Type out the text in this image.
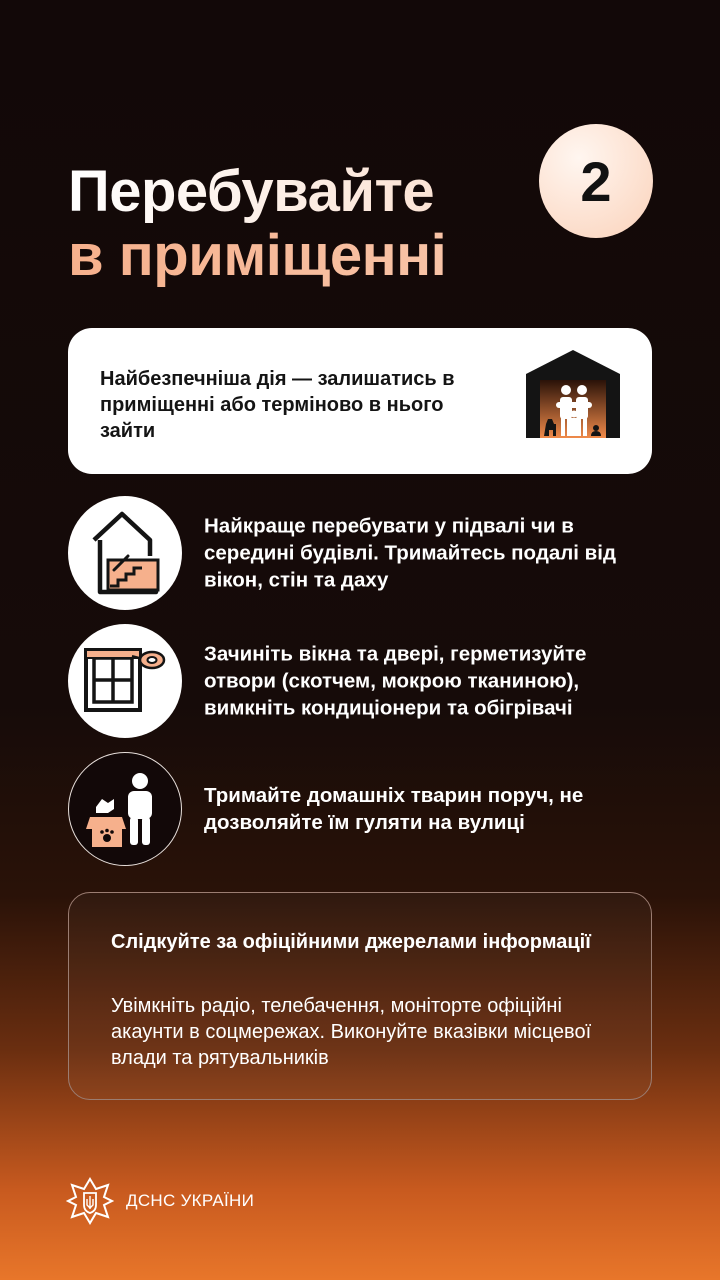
Перебувайте
в приміщенні
2
Найбезпечніша дія — залишатись в приміщенні або терміново в нього зайти
Найкраще перебувати у підвалі чи в середині будівлі. Тримайтесь подалі від вікон, стін та даху
Зачиніть вікна та двері, герметизуйте отвори (скотчем, мокрою тканиною), вимкніть кондиціонери та обігрівачі
Тримайте домашніх тварин поруч, не дозволяйте їм гуляти на вулиці
Слідкуйте за офіційними джерелами інформації
Увімкніть радіо, телебачення, моніторте офіційні акаунти в соцмережах. Виконуйте вказівки місцевої влади та рятувальників
ДСНС УКРАЇНИ
